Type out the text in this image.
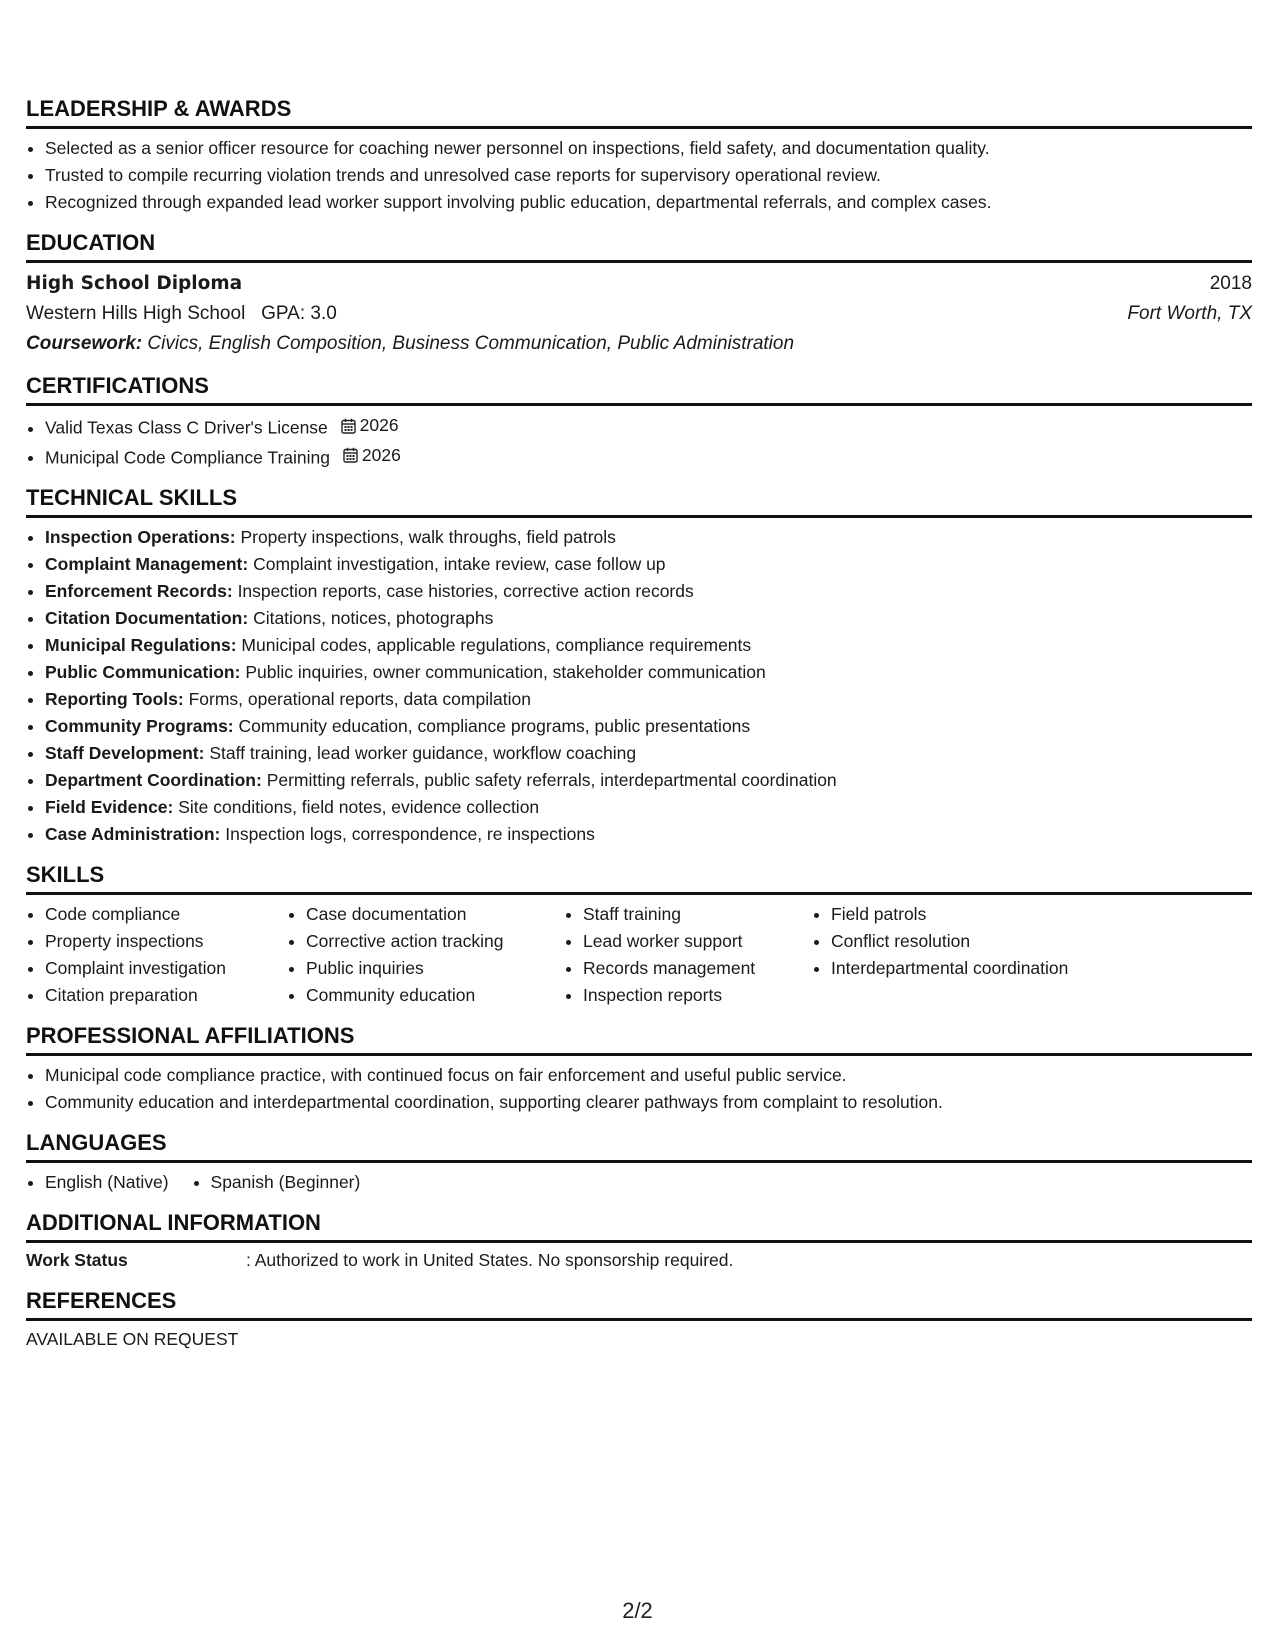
LEADERSHIP & AWARDS
• Selected as a senior officer resource for coaching newer personnel on inspections, field safety, and documentation quality.
• Trusted to compile recurring violation trends and unresolved case reports for supervisory operational review.
• Recognized through expanded lead worker support involving public education, departmental referrals, and complex cases.
EDUCATION
High School Diploma	2018
Western Hills High School GPA: 3.0	Fort Worth, TX
Coursework: Civics, English Composition, Business Communication, Public Administration
CERTIFICATIONS
• Valid Texas Class C Driver's License 2026
• Municipal Code Compliance Training 2026
TECHNICAL SKILLS
• Inspection Operations: Property inspections, walk throughs, field patrols
• Complaint Management: Complaint investigation, intake review, case follow up
• Enforcement Records: Inspection reports, case histories, corrective action records
• Citation Documentation: Citations, notices, photographs
• Municipal Regulations: Municipal codes, applicable regulations, compliance requirements
• Public Communication: Public inquiries, owner communication, stakeholder communication
• Reporting Tools: Forms, operational reports, data compilation
• Community Programs: Community education, compliance programs, public presentations
• Staff Development: Staff training, lead worker guidance, workflow coaching
• Department Coordination: Permitting referrals, public safety referrals, interdepartmental coordination
• Field Evidence: Site conditions, field notes, evidence collection
• Case Administration: Inspection logs, correspondence, re inspections
SKILLS
• Code compliance
• Property inspections
• Complaint investigation
• Citation preparation
• Case documentation
• Corrective action tracking
• Public inquiries
• Community education
• Staff training
• Lead worker support
• Records management
• Inspection reports
• Field patrols
• Conflict resolution
• Interdepartmental coordination
PROFESSIONAL AFFILIATIONS
• Municipal code compliance practice, with continued focus on fair enforcement and useful public service.
• Community education and interdepartmental coordination, supporting clearer pathways from complaint to resolution.
LANGUAGES
• English (Native)
• Spanish (Beginner)
ADDITIONAL INFORMATION
Work Status	: Authorized to work in United States. No sponsorship required.
REFERENCES
AVAILABLE ON REQUEST
2/2
